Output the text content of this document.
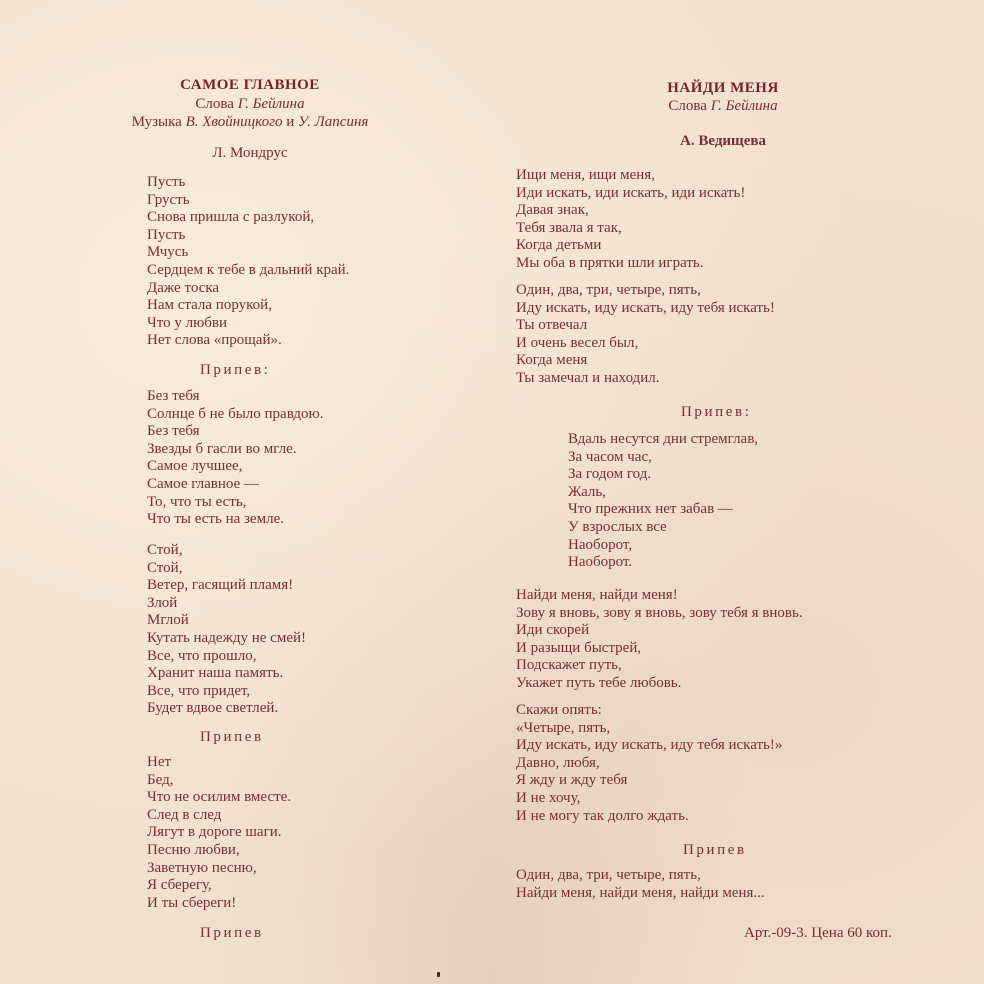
САМОЕ ГЛАВНОЕ
Слова Г. Бейлина
Музыка В. Хвойницкого и У. Лапсиня
Л. Мондрус
Пусть
Грусть
Снова пришла с разлукой,
Пусть
Мчусь
Сердцем к тебе в дальний край.
Даже тоска
Нам стала порукой,
Что у любви
Нет слова «прощай».
Припев:
Без тебя
Солнце б не было правдою.
Без тебя
Звезды б гасли во мгле.
Самое лучшее,
Самое главное —
То, что ты есть,
Что ты есть на земле.
Стой,
Стой,
Ветер, гасящий пламя!
Злой
Мглой
Кутать надежду не смей!
Все, что прошло,
Хранит наша память.
Все, что придет,
Будет вдвое светлей.
Припев
Нет
Бед,
Что не осилим вместе.
След в след
Лягут в дороге шаги.
Песню любви,
Заветную песню,
Я сберегу,
И ты сбереги!
Припев
НАЙДИ МЕНЯ
Слова Г. Бейлина
А. Ведищева
Ищи меня, ищи меня,
Иди искать, иди искать, иди искать!
Давая знак,
Тебя звала я так,
Когда детьми
Мы оба в прятки шли играть.
Один, два, три, четыре, пять,
Иду искать, иду искать, иду тебя искать!
Ты отвечал
И очень весел был,
Когда меня
Ты замечал и находил.
Припев:
Вдаль несутся дни стремглав,
За часом час,
За годом год.
Жаль,
Что прежних нет забав —
У взрослых все
Наоборот,
Наоборот.
Найди меня, найди меня!
Зову я вновь, зову я вновь, зову тебя я вновь.
Иди скорей
И разыщи быстрей,
Подскажет путь,
Укажет путь тебе любовь.
Скажи опять:
«Четыре, пять,
Иду искать, иду искать, иду тебя искать!»
Давно, любя,
Я жду и жду тебя
И не хочу,
И не могу так долго ждать.
Припев
Один, два, три, четыре, пять,
Найди меня, найди меня, найди меня...
Арт.-09-3. Цена 60 коп.
